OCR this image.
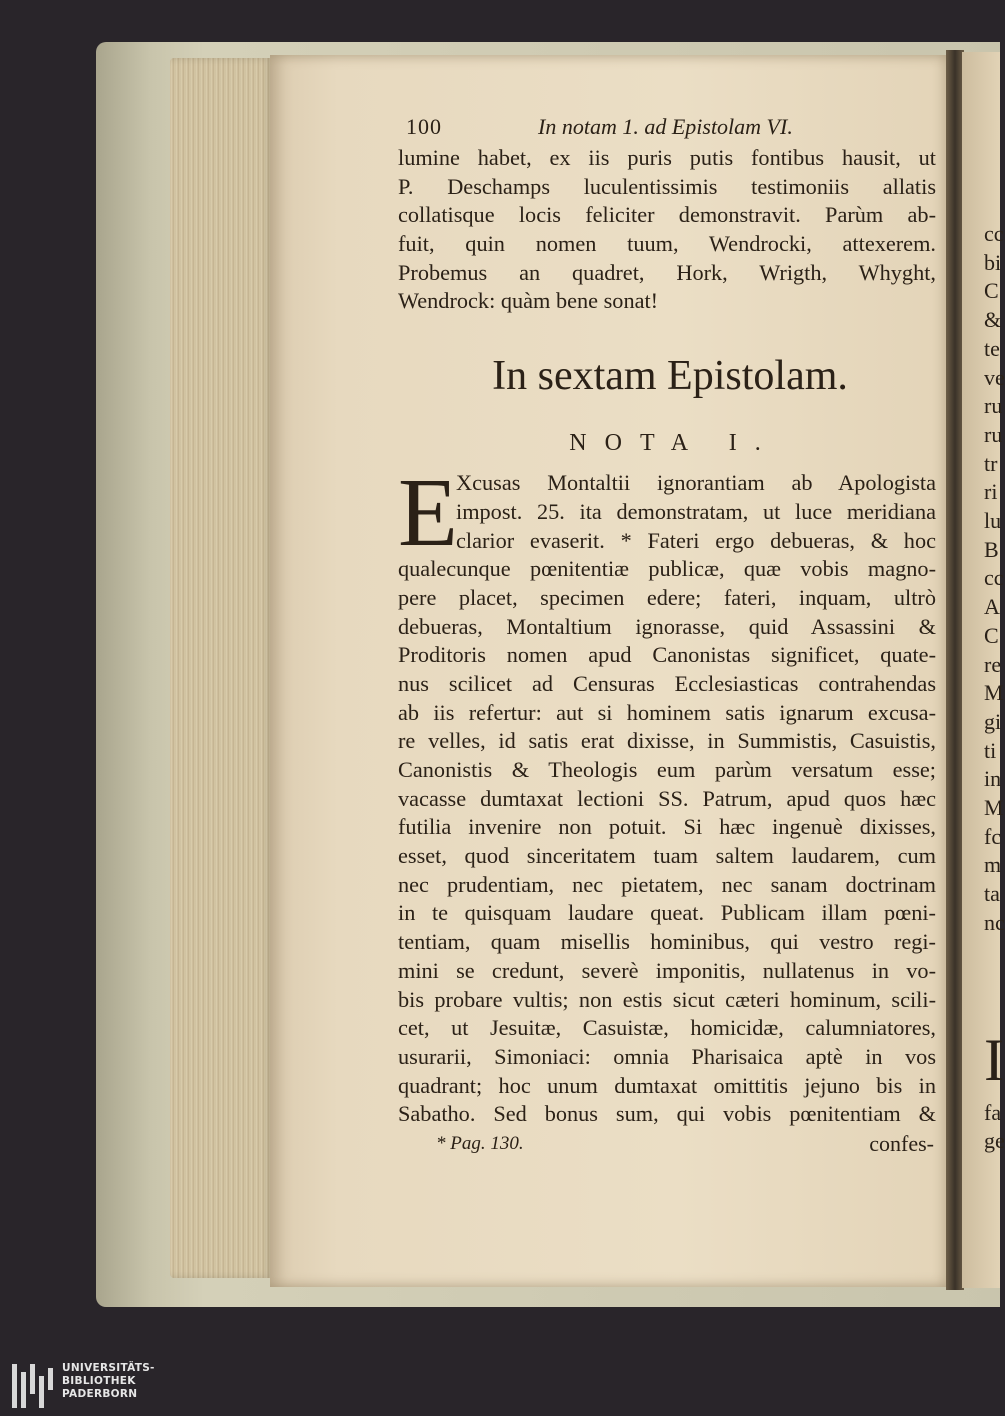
cc
bi
C
&
te
ve
ru
ru
tr
ri
lu
B
cc
A
C
re
M
gi
ti
in
M
fc
m
ta
nc
I
fa
ge
100	In notam 1. ad Epistolam VI.
lumine habet, ex iis puris putis fontibus hausit, ut
P. Deschamps luculentissimis testimoniis allatis
collatisque locis feliciter demonstravit. Parùm ab-
fuit, quin nomen tuum, Wendrocki, attexerem.
Probemus an quadret, Hork, Wrigth, Whyght,
Wendrock: quàm bene sonat!
In sextam Epistolam.
NOTA I.
E
Xcusas Montaltii ignorantiam ab Apologista
impost. 25. ita demonstratam, ut luce meridiana
clarior evaserit. * Fateri ergo debueras, & hoc
qualecunque pœnitentiæ publicæ, quæ vobis magno-
pere placet, specimen edere; fateri, inquam, ultrò
debueras, Montaltium ignorasse, quid Assassini &
Proditoris nomen apud Canonistas significet, quate-
nus scilicet ad Censuras Ecclesiasticas contrahendas
ab iis refertur: aut si hominem satis ignarum excusa-
re velles, id satis erat dixisse, in Summistis, Casuistis,
Canonistis & Theologis eum parùm versatum esse;
vacasse dumtaxat lectioni SS. Patrum, apud quos hæc
futilia invenire non potuit. Si hæc ingenuè dixisses,
esset, quod sinceritatem tuam saltem laudarem, cum
nec prudentiam, nec pietatem, nec sanam doctrinam
in te quisquam laudare queat. Publicam illam pœni-
tentiam, quam misellis hominibus, qui vestro regi-
mini se credunt, severè imponitis, nullatenus in vo-
bis probare vultis; non estis sicut cæteri hominum, scili-
cet, ut Jesuitæ, Casuistæ, homicidæ, calumniatores,
usurarii, Simoniaci: omnia Pharisaica aptè in vos
quadrant; hoc unum dumtaxat omittitis jejuno bis in
Sabatho. Sed bonus sum, qui vobis pœnitentiam &
* Pag. 130.	confes-
UNIVERSITÄTS-
BIBLIOTHEK
PADERBORN
